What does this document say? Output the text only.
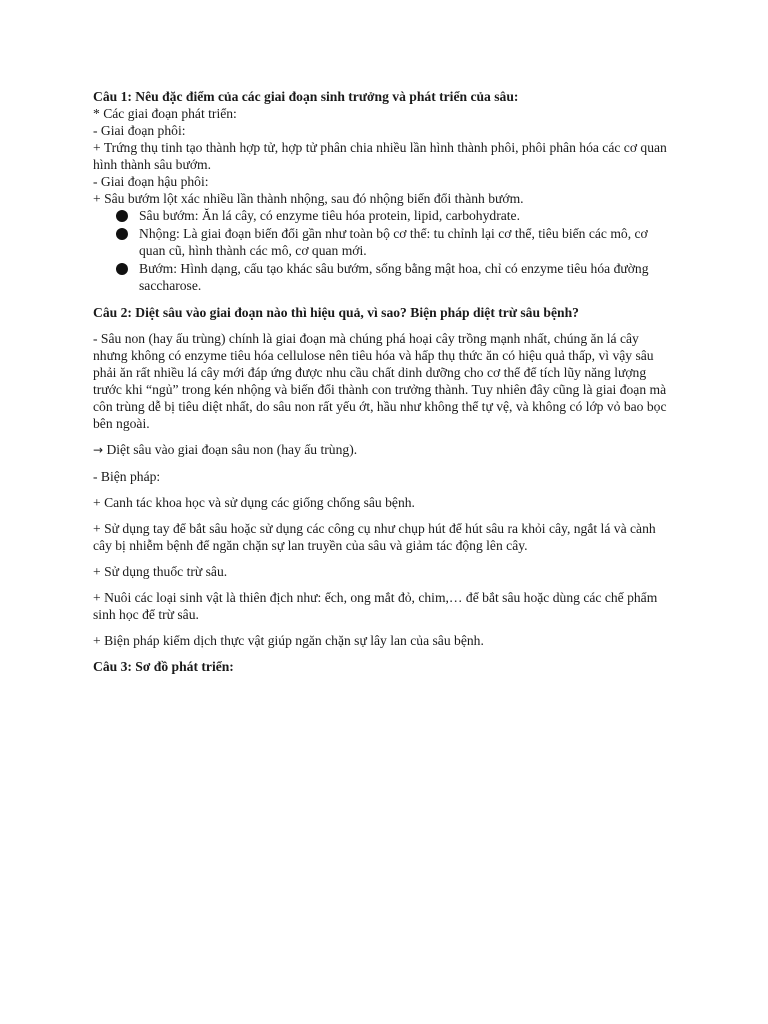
Câu 1: Nêu đặc điểm của các giai đoạn sinh trưởng và phát triển của sâu:

* Các giai đoạn phát triển:

- Giai đoạn phôi:

+ Trứng thụ tinh tạo thành hợp tử, hợp tử phân chia nhiều lần hình thành phôi, phôi phân hóa các cơ quan hình thành sâu bướm.

- Giai đoạn hậu phôi:

+ Sâu bướm lột xác nhiều lần thành nhộng, sau đó nhộng biến đổi thành bướm.

Sâu bướm: Ăn lá cây, có enzyme tiêu hóa protein, lipid, carbohydrate.
Nhộng: Là giai đoạn biến đổi gần như toàn bộ cơ thể: tu chỉnh lại cơ thể, tiêu biến các mô, cơ quan cũ, hình thành các mô, cơ quan mới.
Bướm: Hình dạng, cấu tạo khác sâu bướm, sống bằng mật hoa, chỉ có enzyme tiêu hóa đường saccharose.

Câu 2: Diệt sâu vào giai đoạn nào thì hiệu quả, vì sao? Biện pháp diệt trừ sâu bệnh?

- Sâu non (hay ấu trùng) chính là giai đoạn mà chúng phá hoại cây trồng mạnh nhất, chúng ăn lá cây nhưng không có enzyme tiêu hóa cellulose nên tiêu hóa và hấp thụ thức ăn có hiệu quả thấp, vì vậy sâu phải ăn rất nhiều lá cây mới đáp ứng được nhu cầu chất dinh dưỡng cho cơ thể để tích lũy năng lượng trước khi “ngủ” trong kén nhộng và biến đổi thành con trưởng thành. Tuy nhiên đây cũng là giai đoạn mà côn trùng dễ bị tiêu diệt nhất, do sâu non rất yếu ớt, hầu như không thể tự vệ, và không có lớp vỏ bao bọc bên ngoài.

→ Diệt sâu vào giai đoạn sâu non (hay ấu trùng).

- Biện pháp:

+ Canh tác khoa học và sử dụng các giống chống sâu bệnh.

+ Sử dụng tay để bắt sâu hoặc sử dụng các công cụ như chụp hút để hút sâu ra khỏi cây, ngắt lá và cành cây bị nhiễm bệnh để ngăn chặn sự lan truyền của sâu và giảm tác động lên cây.

+ Sử dụng thuốc trừ sâu.

+ Nuôi các loại sinh vật là thiên địch như: ếch, ong mắt đỏ, chim,… để bắt sâu hoặc dùng các chế phẩm sinh học để trừ sâu.

+ Biện pháp kiểm dịch thực vật giúp ngăn chặn sự lây lan của sâu bệnh.

Câu 3: Sơ đồ phát triển:
